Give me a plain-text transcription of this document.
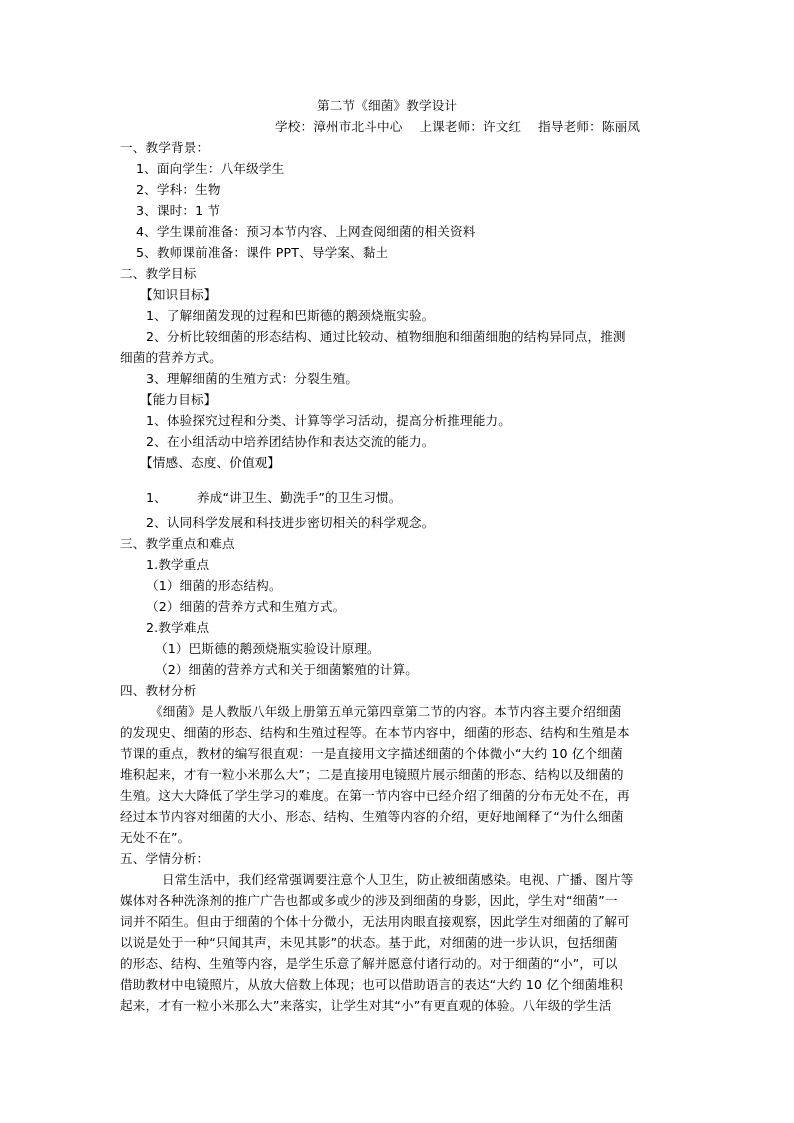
第二节《细菌》教学设计
学校：漳州市北斗中心　 上课老师：许文红　 指导老师：陈丽凤
一、教学背景：
1、面向学生：八年级学生
2、学科：生物
3、课时：1 节
4、学生课前准备：预习本节内容、上网查阅细菌的相关资料
5、教师课前准备：课件 PPT、导学案、黏土
二、教学目标
【知识目标】
1、了解细菌发现的过程和巴斯德的鹅颈烧瓶实验。
2、分析比较细菌的形态结构、通过比较动、植物细胞和细菌细胞的结构异同点，推测
细菌的营养方式。
3、理解细菌的生殖方式：分裂生殖。
【能力目标】
1、体验探究过程和分类、计算等学习活动，提高分析推理能力。
2、在小组活动中培养团结协作和表达交流的能力。
【情感、态度、价值观】
1、 养成“讲卫生、勤洗手”的卫生习惯。
2、认同科学发展和科技进步密切相关的科学观念。
三、教学重点和难点
1.教学重点
（1）细菌的形态结构。
（2）细菌的营养方式和生殖方式。
2.教学难点
（1）巴斯德的鹅颈烧瓶实验设计原理。
（2）细菌的营养方式和关于细菌繁殖的计算。
四、教材分析
《细菌》是人教版八年级上册第五单元第四章第二节的内容。本节内容主要介绍细菌
的发现史、细菌的形态、结构和生殖过程等。在本节内容中，细菌的形态、结构和生殖是本
节课的重点，教材的编写很直观：一是直接用文字描述细菌的个体微小“大约 10 亿个细菌
堆积起来，才有一粒小米那么大”；二是直接用电镜照片展示细菌的形态、结构以及细菌的
生殖。这大大降低了学生学习的难度。在第一节内容中已经介绍了细菌的分布无处不在，再
经过本节内容对细菌的大小、形态、结构、生殖等内容的介绍，更好地阐释了“为什么细菌
无处不在”。
五、学情分析：
日常生活中，我们经常强调要注意个人卫生，防止被细菌感染。电视、广播、图片等
媒体对各种洗涤剂的推广广告也都或多或少的涉及到细菌的身影，因此，学生对“细菌”一
词并不陌生。但由于细菌的个体十分微小，无法用肉眼直接观察，因此学生对细菌的了解可
以说是处于一种“只闻其声，未见其影”的状态。基于此，对细菌的进一步认识，包括细菌
的形态、结构、生殖等内容，是学生乐意了解并愿意付诸行动的。对于细菌的“小”，可以
借助教材中电镜照片，从放大倍数上体现；也可以借助语言的表达“大约 10 亿个细菌堆积
起来，才有一粒小米那么大”来落实，让学生对其“小”有更直观的体验。八年级的学生活
